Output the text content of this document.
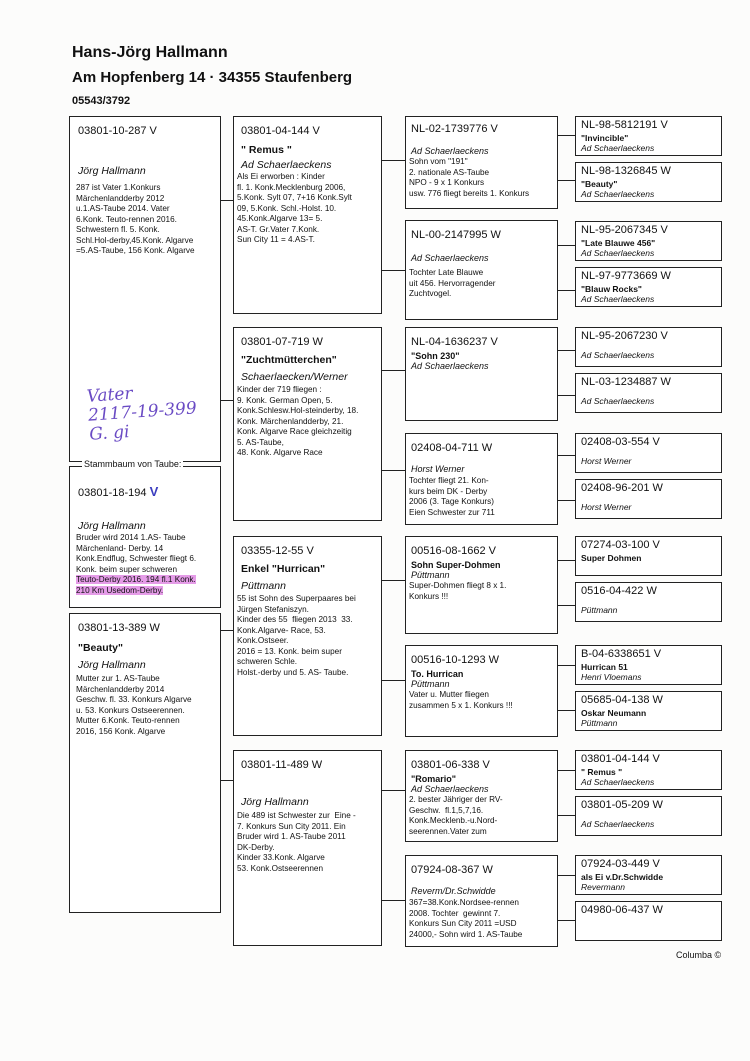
Hans-Jörg Hallmann
Am Hopfenberg 14 · 34355 Staufenberg
05543/3792
03801-10-287 V
Jörg Hallmann
287 ist Vater 1.Konkurs
Märchenlandderby 2012
u.1.AS-Taube 2014. Vater
6.Konk. Teuto-rennen 2016.
Schwestern fl. 5. Konk.
Schl.Hol-derby,45.Konk. Algarve
=5.AS-Taube, 156 Konk. Algarve
Vater
2117-19-399
G. gi
03801-18-194 V
Jörg Hallmann
Bruder wird 2014 1.AS- Taube
Märchenland- Derby. 14
Konk.Endflug, Schwester fliegt 6.
Konk. beim super schweren
Teuto-Derby 2016. 194 fl.1 Konk.
210 Km Usedom-Derby.
Stammbaum von Taube:
03801-13-389 W
"Beauty"
Jörg Hallmann
Mutter zur 1. AS-Taube
Märchenlandderby 2014
Geschw. fl. 33. Konkurs Algarve
u. 53. Konkurs Ostseerennen.
Mutter 6.Konk. Teuto-rennen
2016, 156 Konk. Algarve
03801-04-144 V
" Remus "
Ad Schaerlaeckens
Als Ei erworben : Kinder
fl. 1. Konk.Mecklenburg 2006,
5.Konk. Sylt 07, 7+16 Konk.Sylt
09, 5.Konk. Schl.-Holst. 10.
45.Konk.Algarve 13= 5.
AS-T. Gr.Vater 7.Konk.
Sun City 11 = 4.AS-T.
03801-07-719 W
"Zuchtmütterchen"
Schaerlaecken/Werner
Kinder der 719 fliegen :
9. Konk. German Open, 5.
Konk.Schlesw.Hol-steinderby, 18.
Konk. Märchenlandderby, 21.
Konk. Algarve Race gleichzeitig
5. AS-Taube,
48. Konk. Algarve Race
03355-12-55 V
Enkel "Hurrican"
Püttmann
55 ist Sohn des Superpaares bei
Jürgen Stefaniszyn.
Kinder des 55  fliegen 2013  33.
Konk.Algarve- Race, 53.
Konk.Ostseer.
2016 = 13. Konk. beim super
schweren Schle.
Holst.-derby und 5. AS- Taube.
03801-11-489 W
Jörg Hallmann
Die 489 ist Schwester zur  Eine -
7. Konkurs Sun City 2011. Ein
Bruder wird 1. AS-Taube 2011
DK-Derby.
Kinder 33.Konk. Algarve
53. Konk.Ostseerennen
NL-02-1739776 V
Ad Schaerlaeckens
Sohn vom "191"
2. nationale AS-Taube
NPO - 9 x 1 Konkurs
usw. 776 fliegt bereits 1. Konkurs
NL-00-2147995 W
Ad Schaerlaeckens
Tochter Late Blauwe
uit 456. Hervorragender
Zuchtvogel.
NL-04-1636237 V
"Sohn 230"
Ad Schaerlaeckens
02408-04-711 W
Horst Werner
Tochter fliegt 21. Kon-
kurs beim DK - Derby
2006 (3. Tage Konkurs)
Eien Schwester zur 711
00516-08-1662 V
Sohn Super-Dohmen
Püttmann
Super-Dohmen fliegt 8 x 1.
Konkurs !!!
00516-10-1293 W
To. Hurrican
Püttmann
Vater u. Mutter fliegen
zusammen 5 x 1. Konkurs !!!
03801-06-338 V
"Romario"
Ad Schaerlaeckens
2. bester Jähriger der RV-
Geschw.  fl.1,5,7,16.
Konk.Mecklenb.-u.Nord-
seerennen.Vater zum
07924-08-367 W
Reverm/Dr.Schwidde
367=38.Konk.Nordsee-rennen
2008. Tochter  gewinnt 7.
Konkurs Sun City 2011 =USD
24000,- Sohn wird 1. AS-Taube
NL-98-5812191 V
"Invincible"
Ad Schaerlaeckens
NL-98-1326845 W
"Beauty"
Ad Schaerlaeckens
NL-95-2067345 V
"Late Blauwe 456"
Ad Schaerlaeckens
NL-97-9773669 W
"Blauw Rocks"
Ad Schaerlaeckens
NL-95-2067230 V
Ad Schaerlaeckens
NL-03-1234887 W
Ad Schaerlaeckens
02408-03-554 V
Horst Werner
02408-96-201 W
Horst Werner
07274-03-100 V
Super Dohmen
0516-04-422 W
Püttmann
B-04-6338651 V
Hurrican 51
Henri Vloemans
05685-04-138 W
Oskar Neumann
Püttmann
03801-04-144 V
" Remus "
Ad Schaerlaeckens
03801-05-209 W
Ad Schaerlaeckens
07924-03-449 V
als Ei v.Dr.Schwidde
Revermann
04980-06-437 W
Columba ©
